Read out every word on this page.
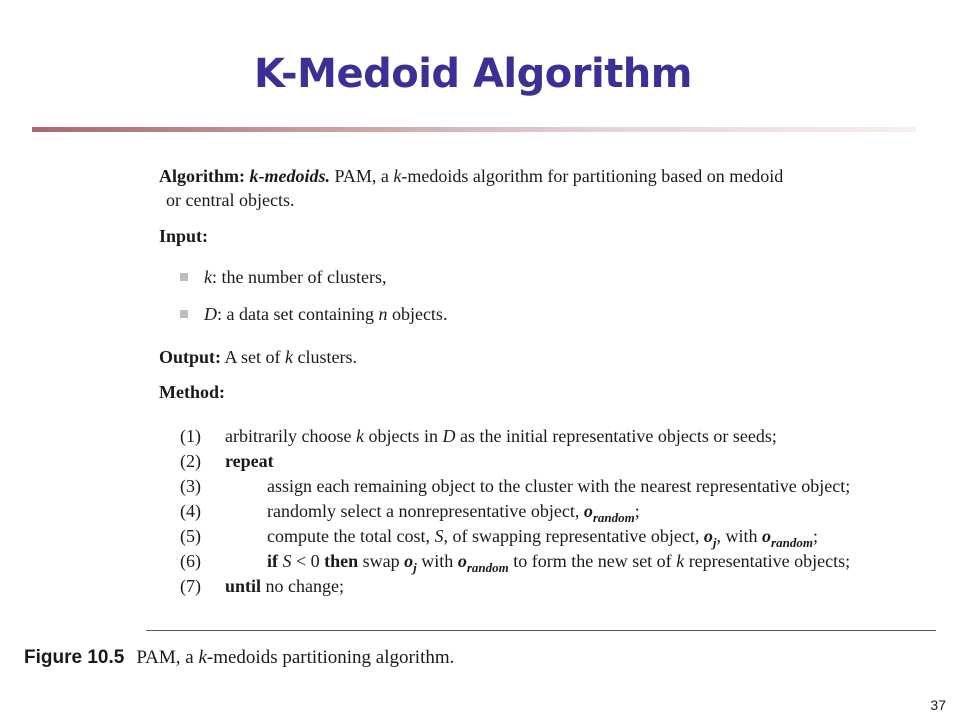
K-Medoid Algorithm

Algorithm: k-medoids. PAM, a k-medoids algorithm for partitioning based on medoid

or central objects.

Input:
k: the number of clusters,
D: a data set containing n objects.
Output: A set of k clusters.
Method:
(1) arbitrarily choose k objects in D as the initial representative objects or seeds;
(2) repeat
(3)	assign each remaining object to the cluster with the nearest representative object;
(4)	randomly select a nonrepresentative object, $o_{random}$;
(5)	compute the total cost, S, of swapping representative object, $o_j$, with $o_{random}$;
(6)	if S < 0 then swap $o_j$ with $o_{random}$ to form the new set of k representative objects;
(7) until no change;
Figure 10.5 PAM, a k-medoids partitioning algorithm.
37
